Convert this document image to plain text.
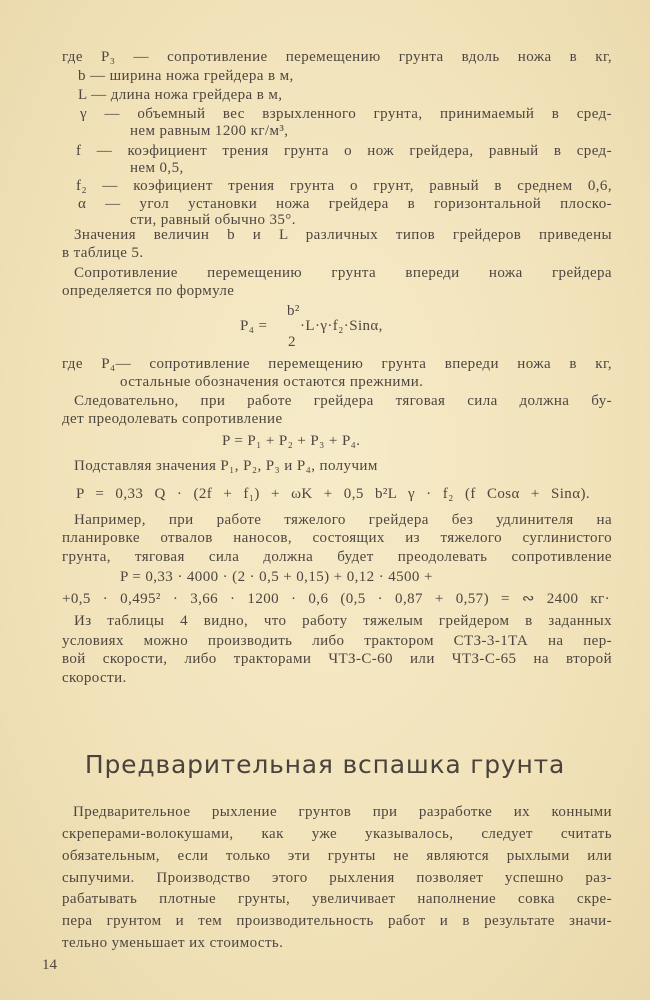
P₄ =
b²
2
·L·γ·f₂·Sinα,
Предварительная вспашка грунта
14
где P₃ — сопротивление перемещению грунта вдоль ножа в кг,
b — ширина ножа грейдера в м,
L — длина ножа грейдера в м,
γ — объемный вес взрыхленного грунта, принимаемый в сред-
нем равным 1200 кг/м³,
f — коэфициент трения грунта о нож грейдера, равный в сред-
нем 0,5,
f₂ — коэфициент трения грунта о грунт, равный в среднем 0,6,
α — угол установки ножа грейдера в горизонтальной плоско-
сти, равный обычно 35°.
Значения величин b и L различных типов грейдеров приведены
в таблице 5.
Сопротивление перемещению грунта впереди ножа грейдера
определяется по формуле
где P₄— сопротивление перемещению грунта впереди ножа в кг,
остальные обозначения остаются прежними.
Следовательно, при работе грейдера тяговая сила должна бу-
дет преодолевать сопротивление
P = P₁ + P₂ + P₃ + P₄.
Подставляя значения P₁, P₂, P₃ и P₄, получим
P = 0,33 Q · (2f + f₁) + ωK + 0,5 b²L γ · f₂ (f Cosα + Sinα).
Например, при работе тяжелого грейдера без удлинителя на
планировке отвалов наносов, состоящих из тяжелого суглинистого
грунта, тяговая сила должна будет преодолевать сопротивление
P = 0,33 · 4000 · (2 · 0,5 + 0,15) + 0,12 · 4500 +
+0,5 · 0,495² · 3,66 · 1200 · 0,6 (0,5 · 0,87 + 0,57) = ∾ 2400 кг·
Из таблицы 4 видно, что работу тяжелым грейдером в заданных
условиях можно производить либо трактором СТЗ-3-1ТА на пер-
вой скорости, либо тракторами ЧТЗ-С-60 или ЧТЗ-С-65 на второй
скорости.
Предварительное рыхление грунтов при разработке их конными
скреперами-волокушами, как уже указывалось, следует считать
обязательным, если только эти грунты не являются рыхлыми или
сыпучими. Производство этого рыхления позволяет успешно раз-
рабатывать плотные грунты, увеличивает наполнение совка скре-
пера грунтом и тем производительность работ и в результате значи-
тельно уменьшает их стоимость.
